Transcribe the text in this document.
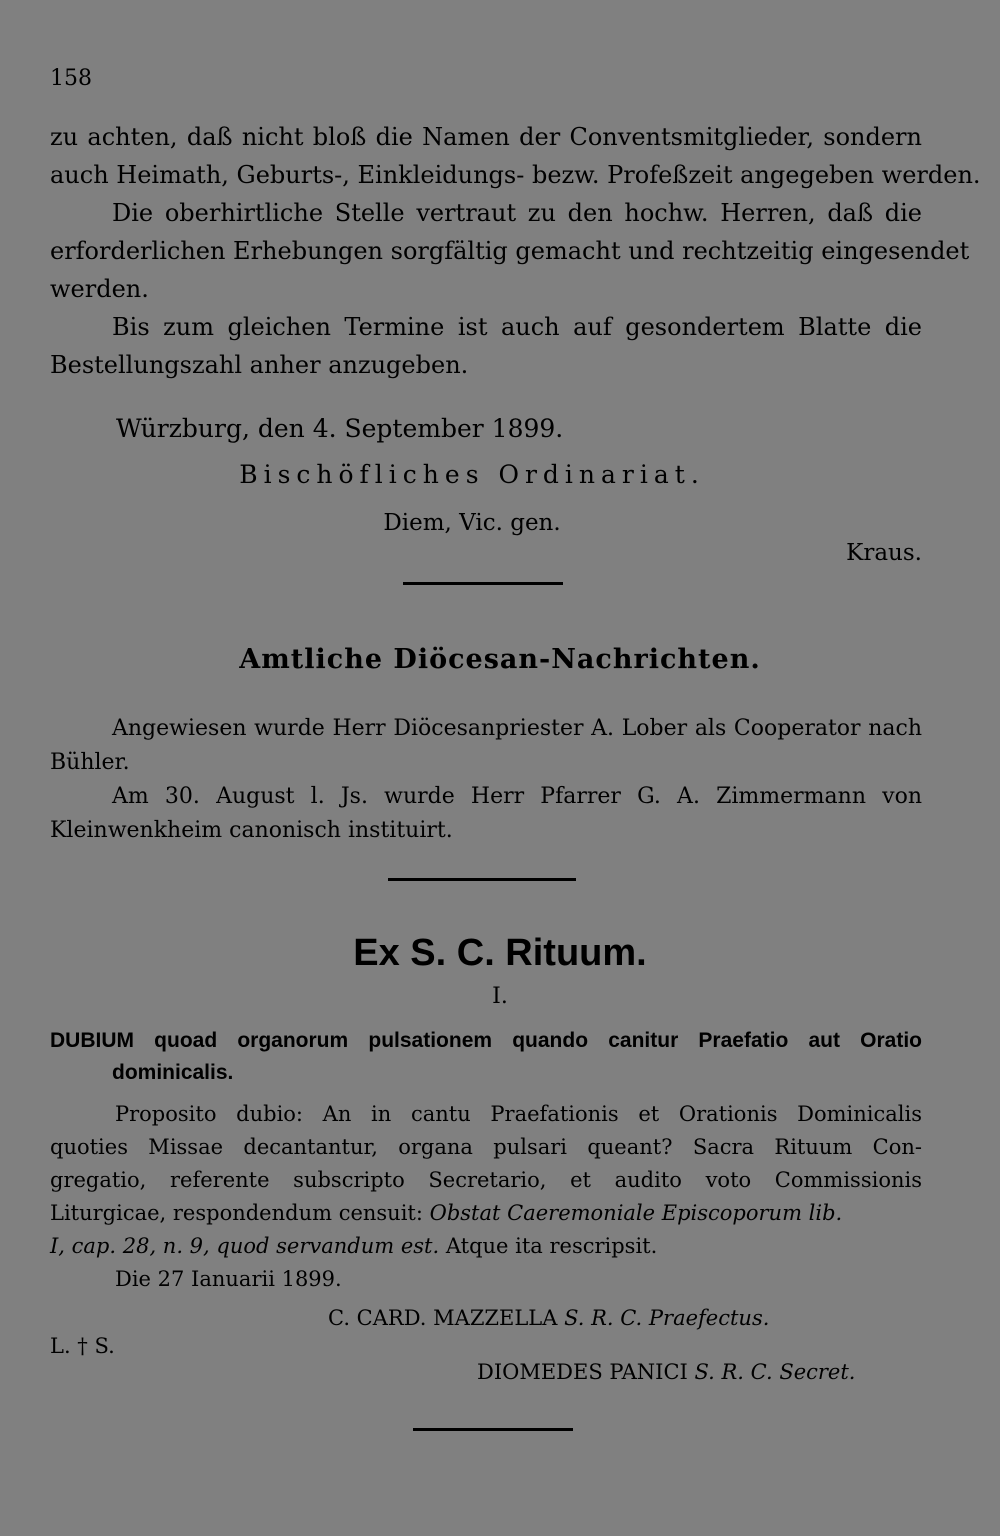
158
zu achten, daß nicht bloß die Namen der Conventsmitglieder, sondern
auch Heimath, Geburts-, Einkleidungs- bezw. Profeßzeit angegeben werden.
Die oberhirtliche Stelle vertraut zu den hochw. Herren, daß die
erforderlichen Erhebungen sorgfältig gemacht und rechtzeitig eingesendet
werden.
Bis zum gleichen Termine ist auch auf gesondertem Blatte die
Bestellungszahl anher anzugeben.
Würzburg, den 4. September 1899.
Bischöfliches Ordinariat.
Diem, Vic. gen.
Kraus.
Amtliche Diöcesan-Nachrichten.
Angewiesen wurde Herr Diöcesanpriester A. Lober als Cooperator nach
Bühler.
Am 30. August l. Js. wurde Herr Pfarrer G. A. Zimmermann von
Kleinwenkheim canonisch instituirt.
Ex S. C. Rituum.
I.
DUBIUM quoad organorum pulsationem quando canitur Praefatio aut Oratio
dominicalis.
Proposito dubio: An in cantu Praefationis et Orationis Dominicalis
quoties Missae decantantur, organa pulsari queant? Sacra Rituum Con-
gregatio, referente subscripto Secretario, et audito voto Commissionis
Liturgicae, respondendum censuit: Obstat Caeremoniale Episcoporum lib.
I, cap. 28, n. 9, quod servandum est. Atque ita rescripsit.
Die 27 Ianuarii 1899.
C. CARD. MAZZELLA S. R. C. Praefectus.
L. † S.
DIOMEDES PANICI S. R. C. Secret.
